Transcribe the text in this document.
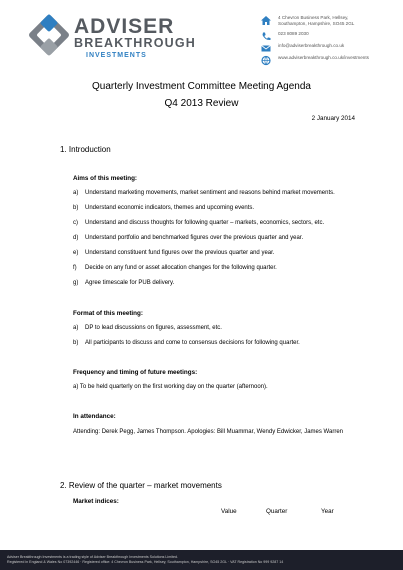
ADVISER
BREAKTHROUGH
INVESTMENTS
4 Chevron Business Park, Hellsey,
Southampton, Hampshire, SO45 2GL
023 8089 2030
info@adviserbreakthrough.co.uk
www.adviserbreakthrough.co.uk/investments
Quarterly Investment Committee Meeting Agenda
Q4 2013 Review
2 January 2014
1. Introduction
Aims of this meeting:
a) Understand marketing movements, market sentiment and reasons behind market movements.
b) Understand economic indicators, themes and upcoming events.
c) Understand and discuss thoughts for following quarter – markets, economics, sectors, etc.
d) Understand portfolio and benchmarked figures over the previous quarter and year.
e) Understand constituent fund figures over the previous quarter and year.
f) Decide on any fund or asset allocation changes for the following quarter.
g) Agree timescale for PUB delivery.
Format of this meeting:
a) DP to lead discussions on figures, assessment, etc.
b) All participants to discuss and come to consensus decisions for following quarter.
Frequency and timing of future meetings:
a) To be held quarterly on the first working day on the quarter (afternoon).
In attendance:
Attending: Derek Pegg, James Thompson. Apologies: Bill Muammar, Wendy Edwicker, James Warren
2. Review of the quarter – market movements
Market indices:
Value	Quarter	Year
Adviser Breakthrough Investments is a trading style of Adviser Breakthrough Investments Solutions Limited.
Registered in England & Wales No 07392446 · Registered office: 4 Chevron Business Park, Hellsey, Southampton, Hampshire, SO45 2GL · VAT Registration No 999 9287 14
